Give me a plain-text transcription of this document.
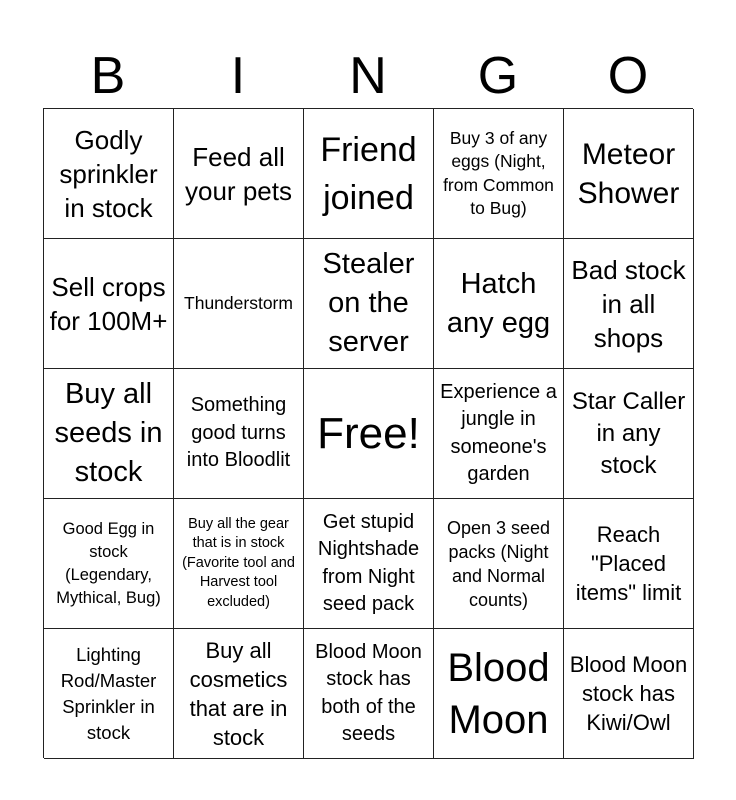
B	I	N	G	O
Godly sprinkler in stock
Feed all your pets
Friend joined
Buy 3 of any eggs (Night, from Common to Bug)
Meteor Shower
Sell crops for 100M+
Thunderstorm
Stealer on the server
Hatch any egg
Bad stock in all shops
Buy all seeds in stock
Something good turns into Bloodlit
Free!
Experience a jungle in someone's garden
Star Caller in any stock
Good Egg in stock (Legendary, Mythical, Bug)
Buy all the gear that is in stock (Favorite tool and Harvest tool excluded)
Get stupid Nightshade from Night seed pack
Open 3 seed packs (Night and Normal counts)
Reach "Placed items" limit
Lighting Rod/Master Sprinkler in stock
Buy all cosmetics that are in stock
Blood Moon stock has both of the seeds
Blood Moon
Blood Moon stock has Kiwi/Owl
